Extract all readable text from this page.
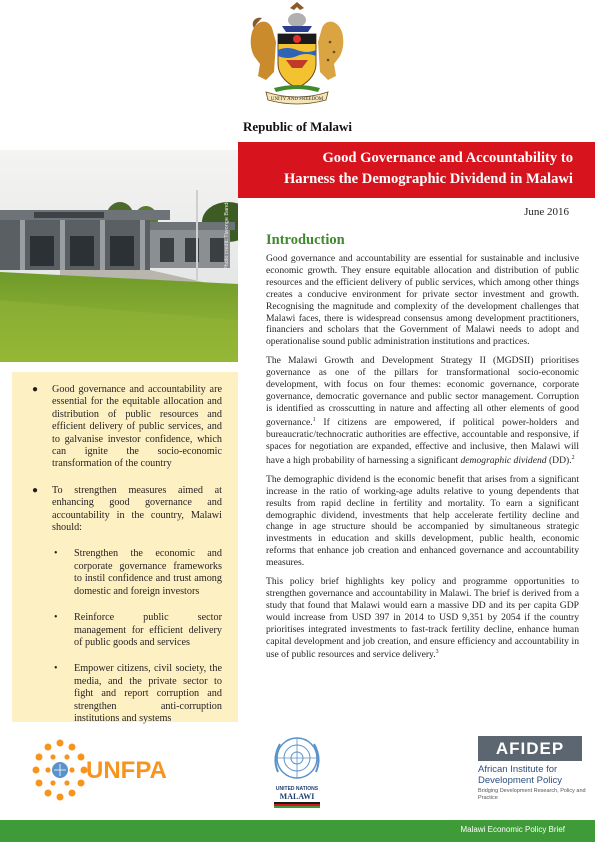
UNITY AND FREEDOM
Republic of Malawi
Photo credit: Tiwonge Banda
Good Governance and Accountability to
Harness the Demographic Dividend in Malawi
June 2016
● Good governance and accountability are essential for the equitable allocation and distribution of public resources and efficient delivery of public services, and to galvanise investor confidence, which can ignite the socio-economic transformation of the country
● To strengthen measures aimed at enhancing good governance and accountability in the country, Malawi should:
• Strengthen the economic and corporate governance frameworks to instil confidence and trust among domestic and foreign investors
• Reinforce public sector management for efficient delivery of public goods and services
• Empower citizens, civil society, the media, and the private sector to fight and report corruption and strengthen anti-corruption institutions and systems
Introduction

Good governance and accountability are essential for sustainable and inclusive economic growth. They ensure equitable allocation and distribution of public resources and the efficient delivery of public services, which among other things creates a conducive environment for private sector investment and growth. Recognising the magnitude and complexity of the development challenges that Malawi faces, there is widespread consensus among development practitioners, financiers and scholars that the Government of Malawi needs to adopt and operationalise sound public administration institutions and practices.

The Malawi Growth and Development Strategy II (MGDSII) prioritises governance as one of the pillars for transformational socio-economic development, with focus on four themes: economic governance, corporate governance, democratic governance and public sector management. Corruption is identified as crosscutting in nature and affecting all other elements of good governance.$^1$ If citizens are empowered, if political power-holders and bureaucratic/technocratic authorities are effective, accountable and responsive, if spaces for negotiation are expanded, effective and inclusive, then Malawi will have a high probability of harnessing a significant demographic dividend (DD).$^2$

The demographic dividend is the economic benefit that arises from a significant increase in the ratio of working-age adults relative to young dependents that results from rapid decline in fertility and mortality. To earn a significant demographic dividend, investments that help accelerate fertility decline and change in age structure should be accompanied by simultaneous strategic investments in education and skills development, public health, economic reforms that enhance job creation and enhanced governance and accountability measures.

This policy brief highlights key policy and programme opportunities to strengthen governance and accountability in Malawi. The brief is derived from a study that found that Malawi would earn a massive DD and its per capita GDP would increase from USD 397 in 2014 to USD 9,351 by 2054 if the country prioritises integrated investments to fast-track fertility decline, enhance human capital development and job creation, and ensure efficiency and accountability in use of public resources and service delivery.$^3$

UNFPA
UNITED NATIONS
MALAWI
AFIDEP
African Institute for Development Policy
Bridging Development Research, Policy and Practice
Malawi Economic Policy Brief
